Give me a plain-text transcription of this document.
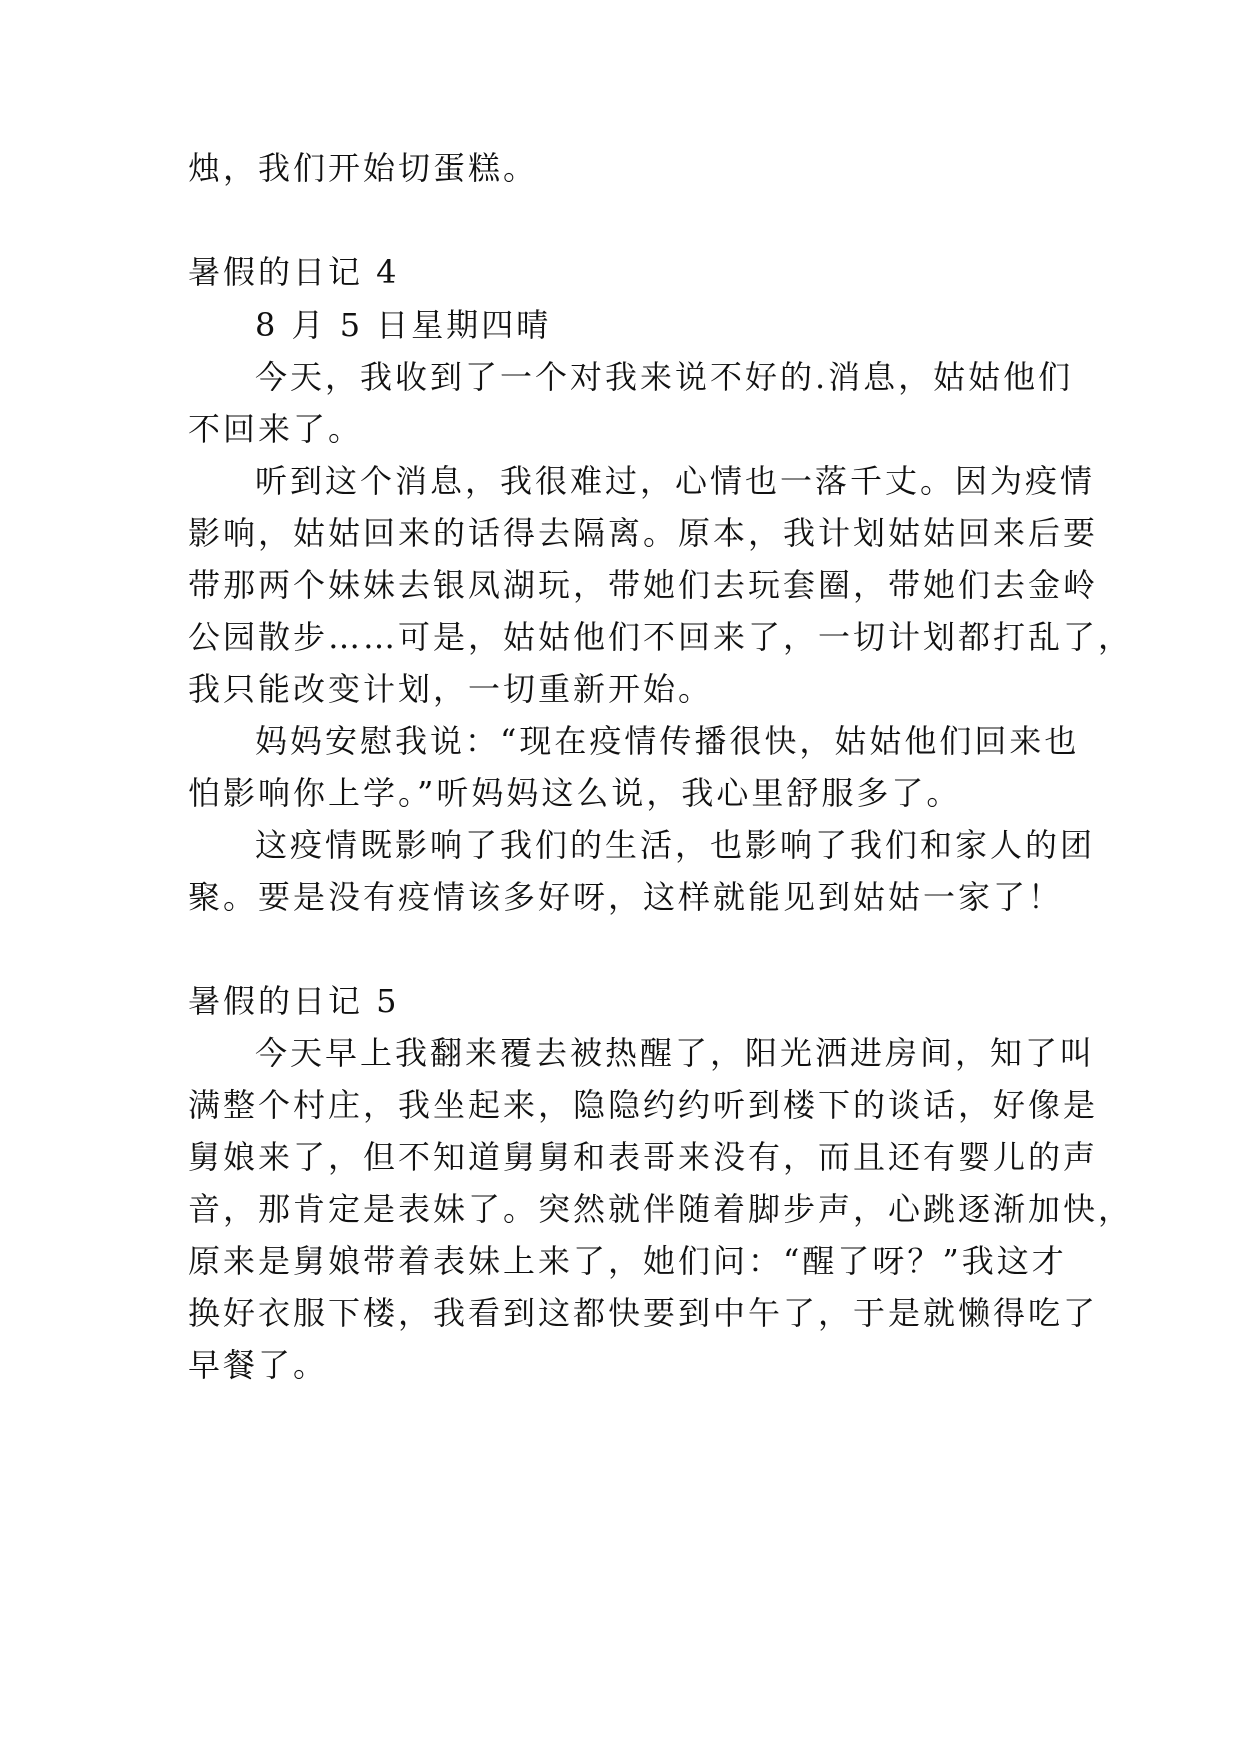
烛，我们开始切蛋糕。
暑假的日记 4
8 月 5 日星期四晴
今天，我收到了一个对我来说不好的.消息，姑姑他们
不回来了。
听到这个消息，我很难过，心情也一落千丈。因为疫情
影响，姑姑回来的话得去隔离。原本，我计划姑姑回来后要
带那两个妹妹去银凤湖玩，带她们去玩套圈，带她们去金岭
公园散步……可是，姑姑他们不回来了，一切计划都打乱了，
我只能改变计划，一切重新开始。
妈妈安慰我说：“现在疫情传播很快，姑姑他们回来也
怕影响你上学。”听妈妈这么说，我心里舒服多了。
这疫情既影响了我们的生活，也影响了我们和家人的团
聚。要是没有疫情该多好呀，这样就能见到姑姑一家了！
暑假的日记 5
今天早上我翻来覆去被热醒了，阳光洒进房间，知了叫
满整个村庄，我坐起来，隐隐约约听到楼下的谈话，好像是
舅娘来了，但不知道舅舅和表哥来没有，而且还有婴儿的声
音，那肯定是表妹了。突然就伴随着脚步声，心跳逐渐加快，
原来是舅娘带着表妹上来了，她们问：“醒了呀？”我这才
换好衣服下楼，我看到这都快要到中午了，于是就懒得吃了
早餐了。
